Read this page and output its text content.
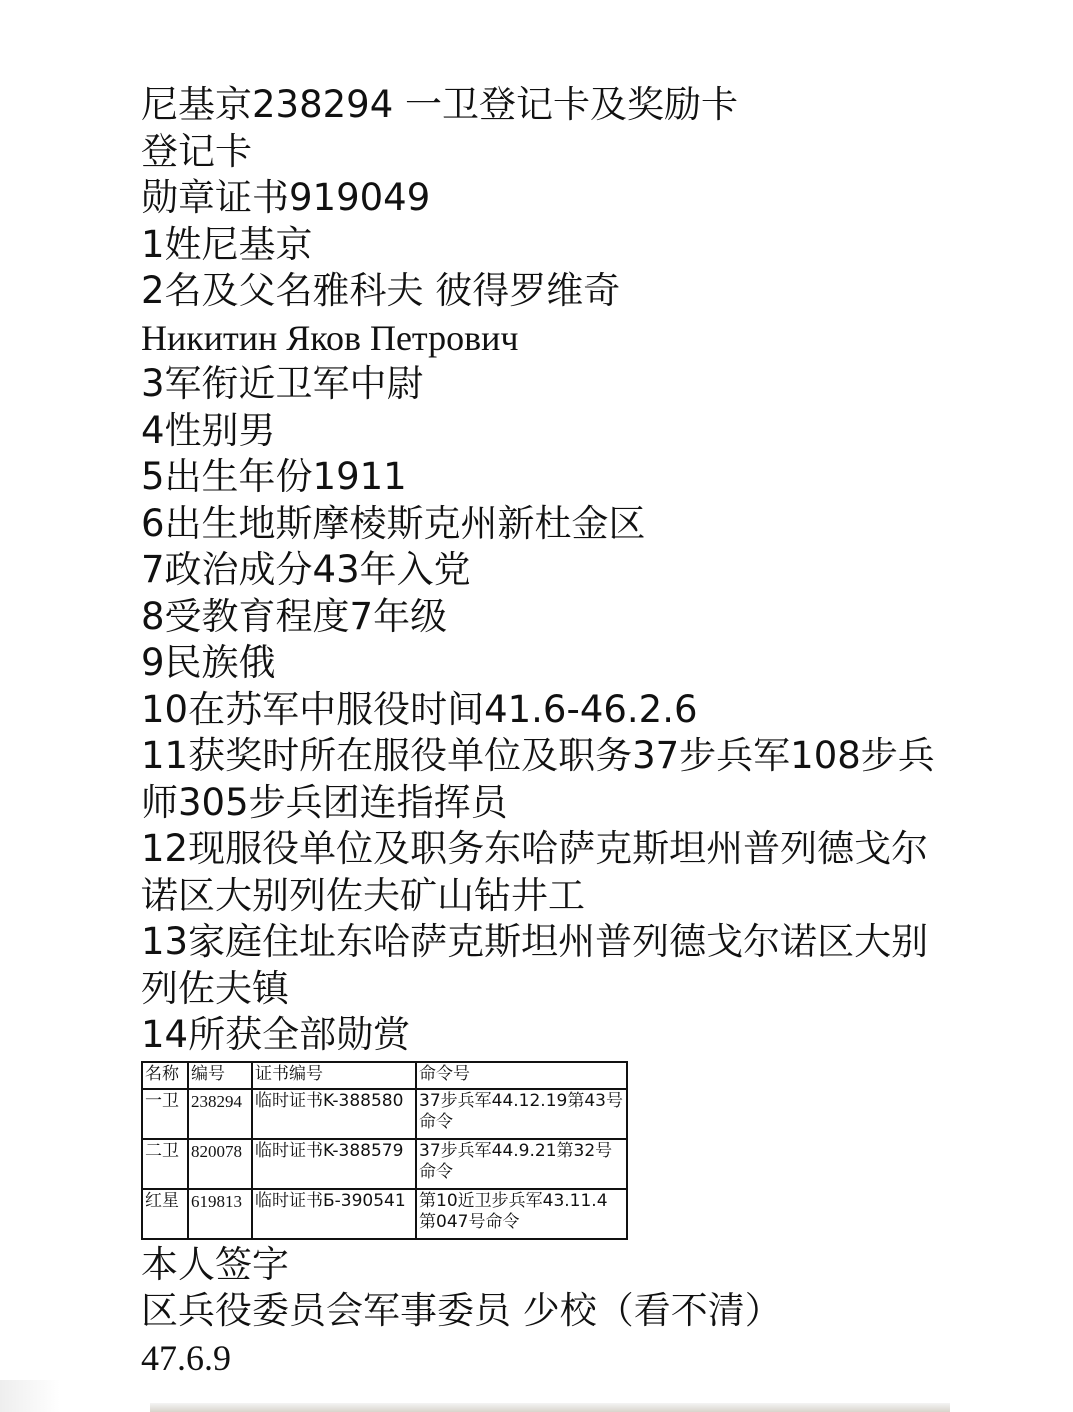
尼基京238294 一卫登记卡及奖励卡
登记卡
勋章证书919049
1姓尼基京
2名及父名雅科夫 彼得罗维奇
Никитин Яков Петрович
3军衔近卫军中尉
4性别男
5出生年份1911
6出生地斯摩棱斯克州新杜金区
7政治成分43年入党
8受教育程度7年级
9民族俄
10在苏军中服役时间41.6-46.2.6
11获奖时所在服役单位及职务37步兵军108步兵师305步兵团连指挥员
12现服役单位及职务东哈萨克斯坦州普列德戈尔诺区大别列佐夫矿山钻井工
13家庭住址东哈萨克斯坦州普列德戈尔诺区大别列佐夫镇
14所获全部勋赏
名称	编号	证书编号	命令号
一卫	238294	临时证书K-388580	37步兵军44.12.19第43号命令
二卫	820078	临时证书K-388579	37步兵军44.9.21第32号命令
红星	619813	临时证书Б-390541	第10近卫步兵军43.11.4第047号命令
本人签字
区兵役委员会军事委员 少校（看不清）
47.6.9
